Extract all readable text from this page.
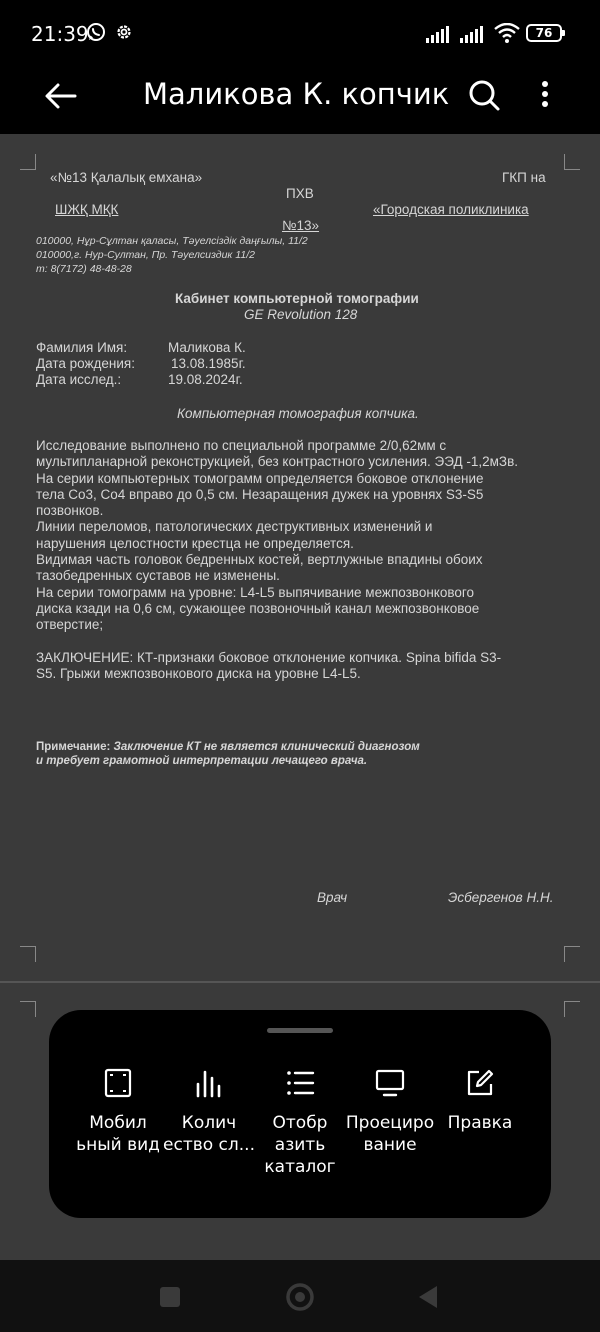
21:39	76
Маликова К. копчик
«№13 Қалалық емхана»	ГКП на
ПХВ
ШЖҚ МҚК	«Городская поликлиника
№13»
010000, Нұр-Сұлтан қаласы, Тәуелсіздік даңғылы, 11/2
010000,г. Нур-Султан, Пр. Тәуелсиздик 11/2
т: 8(7172) 48-48-28
Кабинет компьютерной томографии
GE Revolution 128
Фамилия Имя:	Маликова К.
Дата рождения:	13.08.1985г.
Дата исслед.:	19.08.2024г.
Компьютерная томография копчика.
Исследование выполнено по специальной программе 2/0,62мм с
мультипланарной реконструкцией, без контрастного усиления. ЭЭД -1,2мЗв.
На серии компьютерных томограмм определяется боковое отклонение
тела Со3, Со4 вправо до 0,5 см. Незаращения дужек на уровнях S3-S5
позвонков.
Линии переломов, патологических деструктивных изменений и
нарушения целостности крестца не определяется.
Видимая часть головок бедренных костей, вертлужные впадины обоих
тазобедренных суставов не изменены.
На серии томограмм на уровне: L4-L5 выпячивание межпозвонкового
диска кзади на 0,6 см, сужающее позвоночный канал межпозвонковое
отверстие;
ЗАКЛЮЧЕНИЕ: КТ-признаки боковое отклонение копчика. Spina bifida S3-
S5. Грыжи межпозвонкового диска на уровне L4-L5.
Примечание: Заключение КТ не является клинический диагнозом
и требует грамотной интерпретации лечащего врача.
Врач	Эсбергенов Н.Н.
Мобил
ьный вид
Колич
ество сл...
Отобр
азить
каталог
Проециро
вание
Правка
